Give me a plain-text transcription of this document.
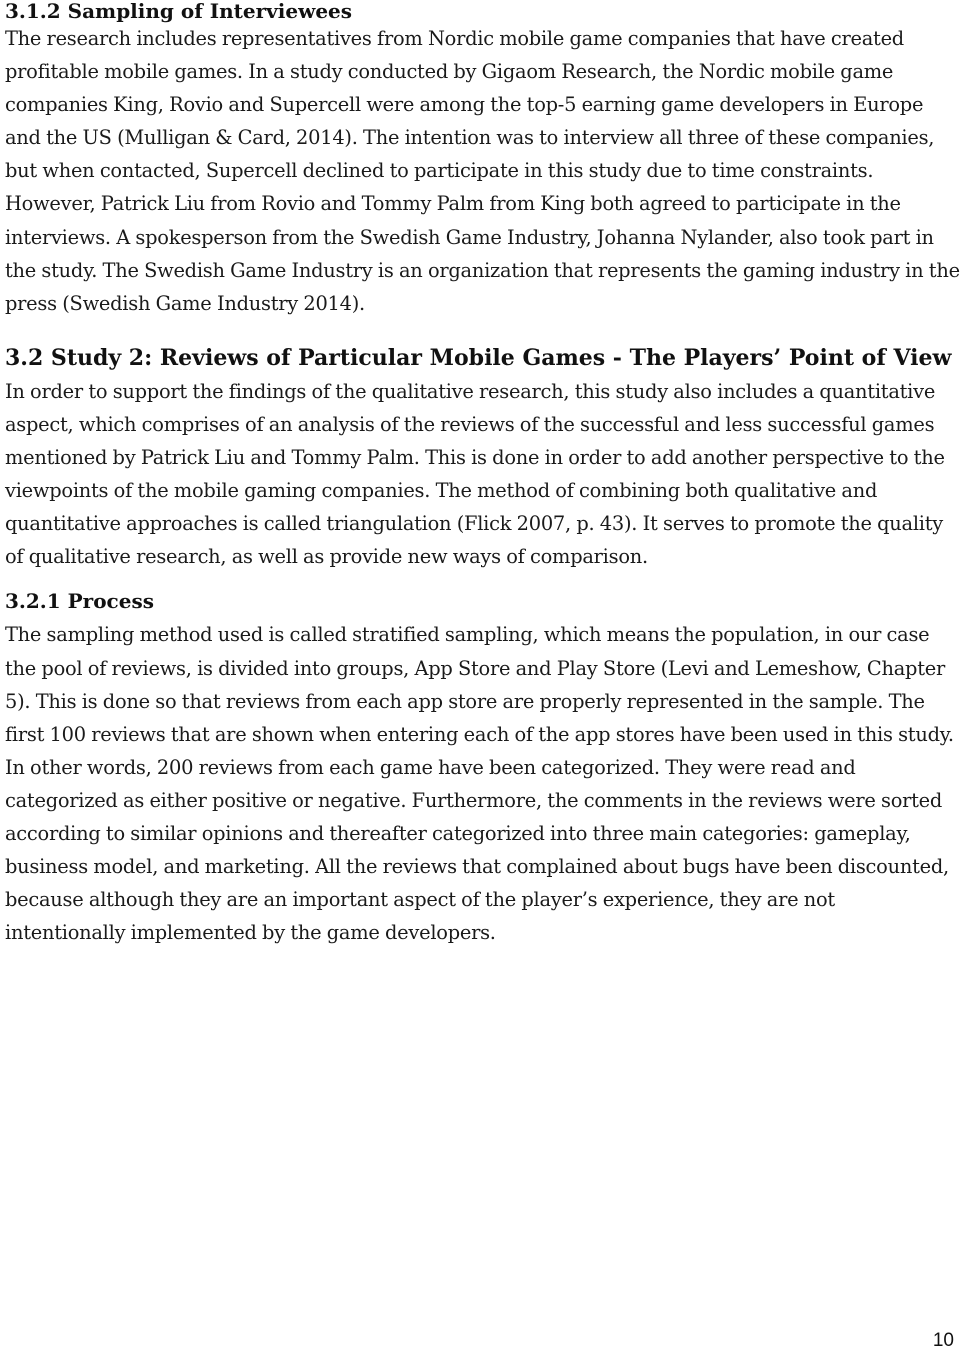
3.1.2 Sampling of Interviewees

The research includes representatives from Nordic mobile game companies that have created profitable mobile games. In a study conducted by Gigaom Research, the Nordic mobile game companies King, Rovio and Supercell were among the top-5 earning game developers in Europe and the US (Mulligan & Card, 2014). The intention was to interview all three of these companies, but when contacted, Supercell declined to participate in this study due to time constraints. However, Patrick Liu from Rovio and Tommy Palm from King both agreed to participate in the interviews. A spokesperson from the Swedish Game Industry, Johanna Nylander, also took part in the study. The Swedish Game Industry is an organization that represents the gaming industry in the press (Swedish Game Industry 2014).

3.2 Study 2: Reviews of Particular Mobile Games - The Players’ Point of View

In order to support the findings of the qualitative research, this study also includes a quantitative aspect, which comprises of an analysis of the reviews of the successful and less successful games mentioned by Patrick Liu and Tommy Palm. This is done in order to add another perspective to the viewpoints of the mobile gaming companies. The method of combining both qualitative and quantitative approaches is called triangulation (Flick 2007, p. 43). It serves to promote the quality of qualitative research, as well as provide new ways of comparison.

3.2.1 Process

The sampling method used is called stratified sampling, which means the population, in our case the pool of reviews, is divided into groups, App Store and Play Store (Levi and Lemeshow, Chapter 5). This is done so that reviews from each app store are properly represented in the sample. The first 100 reviews that are shown when entering each of the app stores have been used in this study. In other words, 200 reviews from each game have been categorized. They were read and categorized as either positive or negative. Furthermore, the comments in the reviews were sorted according to similar opinions and thereafter categorized into three main categories: gameplay, business model, and marketing. All the reviews that complained about bugs have been discounted, because although they are an important aspect of the player’s experience, they are not intentionally implemented by the game developers.

10
